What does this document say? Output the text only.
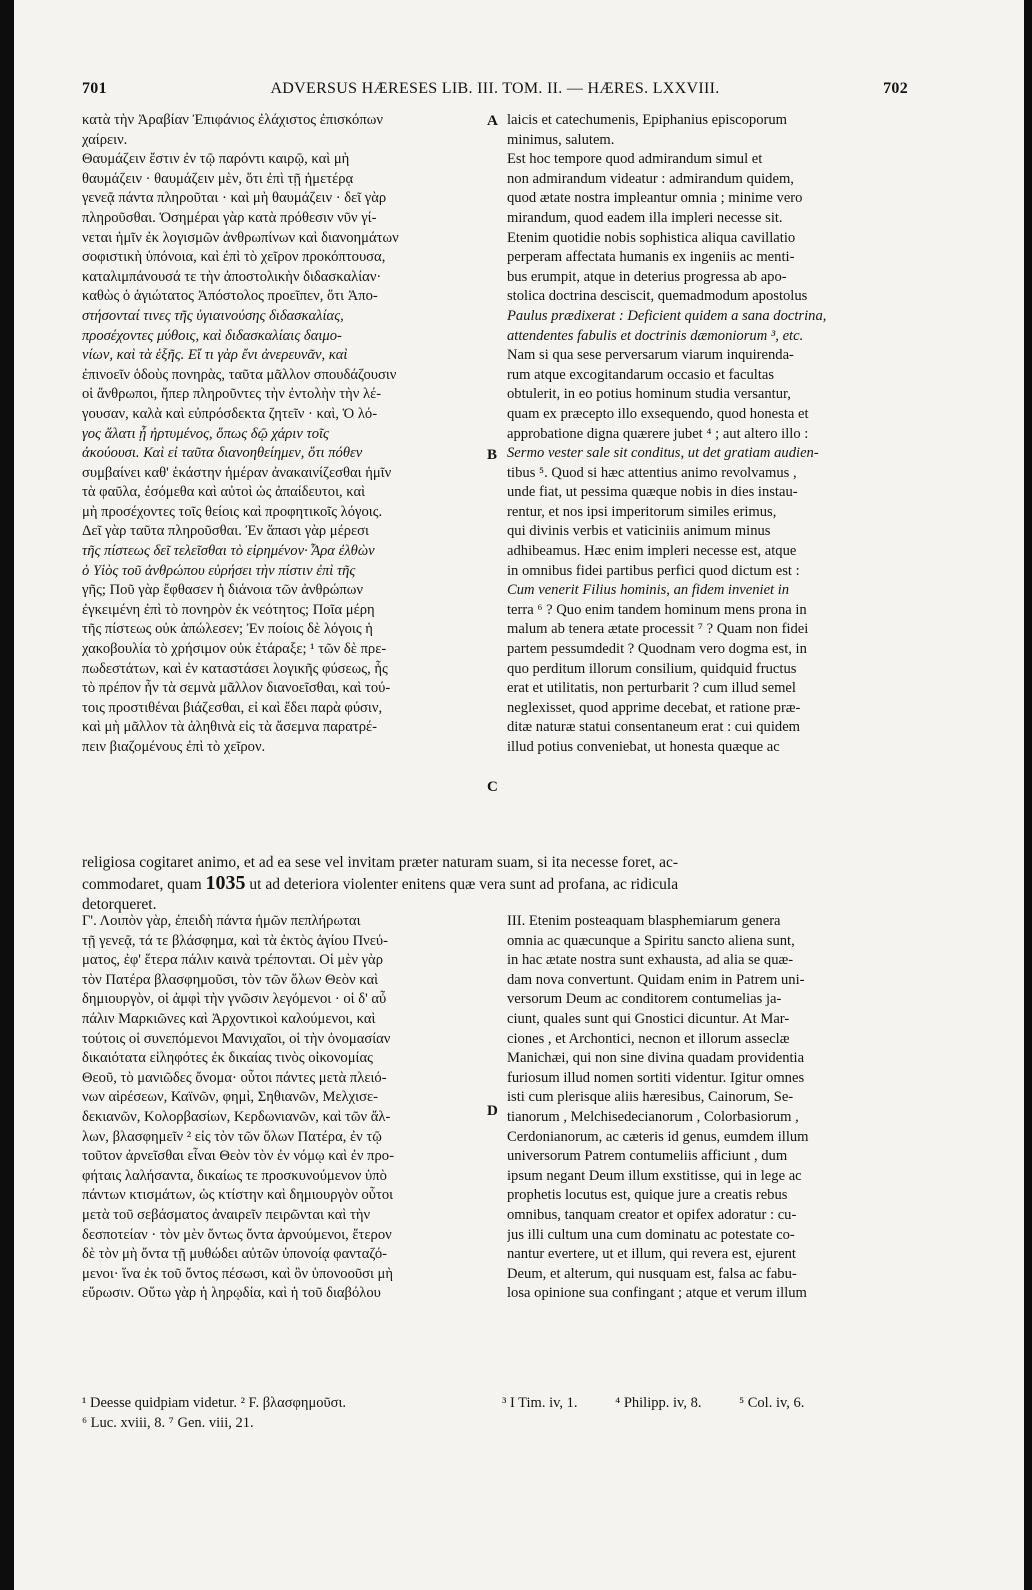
701	ADVERSUS HÆRESES LIB. III. TOM. II. — HÆRES. LXXVIII.	702
κατὰ τὴν Ἀραβίαν Ἐπιφάνιος ἐλάχιστος ἐπισκόπων
χαίρειν.
Θαυμάζειν ἔστιν ἐν τῷ παρόντι καιρῷ, καὶ μὴ
θαυμάζειν · θαυμάζειν μὲν, ὅτι ἐπὶ τῇ ἡμετέρᾳ
γενεᾷ πάντα πληροῦται · καὶ μὴ θαυμάζειν · δεῖ γὰρ
πληροῦσθαι. Ὁσημέραι γὰρ κατὰ πρόθεσιν νῦν γί-
νεται ἡμῖν ἐκ λογισμῶν ἀνθρωπίνων καὶ διανοημάτων
σοφιστικὴ ὑπόνοια, καὶ ἐπὶ τὸ χεῖρον προκόπτουσα,
καταλιμπάνουσά τε τὴν ἀποστολικὴν διδασκαλίαν·
καθὼς ὁ ἁγιώτατος Ἀπόστολος προεῖπεν, ὅτι Ἀπο-
στήσονταί τινες τῆς ὑγιαινούσης διδασκαλίας,
προσέχοντες μύθοις, καὶ διδασκαλίαις δαιμο-
νίων, καὶ τὰ ἑξῆς. Εἴ τι γὰρ ἔνι ἀνερευνᾶν, καὶ
ἐπινοεῖν ὁδοὺς πονηρὰς, ταῦτα μᾶλλον σπουδάζουσιν
οἱ ἄνθρωποι, ἤπερ πληροῦντες τὴν ἐντολὴν τὴν λέ-
γουσαν, καλὰ καὶ εὐπρόσδεκτα ζητεῖν · καὶ, Ὁ λό-
γος ἅλατι ᾖ ἠρτυμένος, ὅπως δῷ χάριν τοῖς
ἀκούουσι. Καὶ εἰ ταῦτα διανοηθείημεν, ὅτι πόθεν
συμβαίνει καθ' ἑκάστην ἡμέραν ἀνακαινίζεσθαι ἡμῖν
τὰ φαῦλα, ἐσόμεθα καὶ αὐτοὶ ὡς ἀπαίδευτοι, καὶ
μὴ προσέχοντες τοῖς θείοις καὶ προφητικοῖς λόγοις.
Δεῖ γὰρ ταῦτα πληροῦσθαι. Ἐν ἅπασι γὰρ μέρεσι
τῆς πίστεως δεῖ τελεῖσθαι τὸ εἰρημένον· Ἆρα ἐλθὼν
ὁ Υἱὸς τοῦ ἀνθρώπου εὑρήσει τὴν πίστιν ἐπὶ τῆς
γῆς; Ποῦ γὰρ ἔφθασεν ἡ διάνοια τῶν ἀνθρώπων
ἐγκειμένη ἐπὶ τὸ πονηρὸν ἐκ νεότητος; Ποῖα μέρη
τῆς πίστεως οὐκ ἀπώλεσεν; Ἐν ποίοις δὲ λόγοις ἡ
χακοβουλία τὸ χρήσιμον οὐκ ἐτάραξε; ¹ τῶν δὲ πρε-
πωδεστάτων, καὶ ἐν καταστάσει λογικῆς φύσεως, ἧς
τὸ πρέπον ἦν τὰ σεμνὰ μᾶλλον διανοεῖσθαι, καὶ τού-
τοις προστιθέναι βιάζεσθαι, εἰ καὶ ἔδει παρὰ φύσιν,
καὶ μὴ μᾶλλον τὰ ἀληθινὰ εἰς τὰ ἄσεμνα παρατρέ-
πειν βιαζομένους ἐπὶ τὸ χεῖρον.
laicis et catechumenis, Epiphanius episcoporum
minimus, salutem.
Est hoc tempore quod admirandum simul et
non admirandum videatur : admirandum quidem,
quod ætate nostra impleantur omnia ; minime vero
mirandum, quod eadem illa impleri necesse sit.
Etenim quotidie nobis sophistica aliqua cavillatio
perperam affectata humanis ex ingeniis ac menti-
bus erumpit, atque in deterius progressa ab apo-
stolica doctrina desciscit, quemadmodum apostolus
Paulus prædixerat : Deficient quidem a sana doctrina,
attendentes fabulis et doctrinis dæmoniorum ³, etc.
Nam si qua sese perversarum viarum inquirenda-
rum atque excogitandarum occasio et facultas
obtulerit, in eo potius hominum studia versantur,
quam ex præcepto illo exsequendo, quod honesta et
approbatione digna quærere jubet ⁴ ; aut altero illo :
Sermo vester sale sit conditus, ut det gratiam audien-
tibus ⁵. Quod si hæc attentius animo revolvamus ,
unde fiat, ut pessima quæque nobis in dies instau-
rentur, et nos ipsi imperitorum similes erimus,
qui divinis verbis et vaticiniis animum minus
adhibeamus. Hæc enim impleri necesse est, atque
in omnibus fidei partibus perfici quod dictum est :
Cum venerit Filius hominis, an fidem inveniet in
terra ⁶ ? Quo enim tandem hominum mens prona in
malum ab tenera ætate processit ⁷ ? Quam non fidei
partem pessumdedit ? Quodnam vero dogma est, in
quo perditum illorum consilium, quidquid fructus
erat et utilitatis, non perturbarit ? cum illud semel
neglexisset, quod apprime decebat, et ratione præ-
ditæ naturæ statui consentaneum erat : cui quidem
illud potius conveniebat, ut honesta quæque ac
A
B
C
D
religiosa cogitaret animo, et ad ea sese vel invitam præter naturam suam, si ita necesse foret, ac-
commodaret, quam 1035 ut ad deteriora violenter enitens quæ vera sunt ad profana, ac ridicula
detorqueret.
Γ'. Λοιπὸν γὰρ, ἐπειδὴ πάντα ἡμῶν πεπλήρωται
τῇ γενεᾷ, τά τε βλάσφημα, καὶ τὰ ἐκτὸς ἁγίου Πνεύ-
ματος, ἐφ' ἕτερα πάλιν καινὰ τρέπονται. Οἱ μὲν γὰρ
τὸν Πατέρα βλασφημοῦσι, τὸν τῶν ὅλων Θεὸν καὶ
δημιουργὸν, οἱ ἀμφὶ τὴν γνῶσιν λεγόμενοι · οἱ δ' αὖ
πάλιν Μαρκιῶνες καὶ Ἀρχοντικοὶ καλούμενοι, καὶ
τούτοις οἱ συνεπόμενοι Μανιχαῖοι, οἱ τὴν ὀνομασίαν
δικαιότατα εἰληφότες ἐκ δικαίας τινὸς οἰκονομίας
Θεοῦ, τὸ μανιῶδες ὄνομα· οὗτοι πάντες μετὰ πλειό-
νων αἱρέσεων, Καϊνῶν, φημὶ, Σηθιανῶν, Μελχισε-
δεκιανῶν, Κολορβασίων, Κερδωνιανῶν, καὶ τῶν ἄλ-
λων, βλασφημεῖν ² εἰς τὸν τῶν ὅλων Πατέρα, ἐν τῷ
τοῦτον ἀρνεῖσθαι εἶναι Θεὸν τὸν ἐν νόμῳ καὶ ἐν προ-
φήταις λαλήσαντα, δικαίως τε προσκυνούμενον ὑπὸ
πάντων κτισμάτων, ὡς κτίστην καὶ δημιουργὸν οὗτοι
μετὰ τοῦ σεβάσματος ἀναιρεῖν πειρῶνται καὶ τὴν
δεσποτείαν · τὸν μὲν ὄντως ὄντα ἀρνούμενοι, ἕτερον
δὲ τὸν μὴ ὄντα τῇ μυθώδει αὐτῶν ὑπονοίᾳ φανταζό-
μενοι· ἵνα ἐκ τοῦ ὄντος πέσωσι, καὶ ὃν ὑπονοοῦσι μὴ
εὕρωσιν. Οὕτω γὰρ ἡ ληρῳδία, καὶ ἡ τοῦ διαβόλου
III. Etenim posteaquam blasphemiarum genera
omnia ac quæcunque a Spiritu sancto aliena sunt,
in hac ætate nostra sunt exhausta, ad alia se quæ-
dam nova convertunt. Quidam enim in Patrem uni-
versorum Deum ac conditorem contumelias ja-
ciunt, quales sunt qui Gnostici dicuntur. At Mar-
ciones , et Archontici, necnon et illorum asseclæ
Manichæi, qui non sine divina quadam providentia
furiosum illud nomen sortiti videntur. Igitur omnes
isti cum plerisque aliis hæresibus, Cainorum, Se-
tianorum , Melchisedecianorum , Colorbasiorum ,
Cerdonianorum, ac cæteris id genus, eumdem illum
universorum Patrem contumeliis afficiunt , dum
ipsum negant Deum illum exstitisse, qui in lege ac
prophetis locutus est, quique jure a creatis rebus
omnibus, tanquam creator et opifex adoratur : cu-
jus illi cultum una cum dominatu ac potestate co-
nantur evertere, ut et illum, qui revera est, ejurent
Deum, et alterum, qui nusquam est, falsa ac fabu-
losa opinione sua confingant ; atque et verum illum
¹ Deesse quidpiam videtur. ² F. βλασφημοῦσι.	³ I Tim. iv, 1.	⁴ Philipp. iv, 8.	⁵ Col. iv, 6.
⁶ Luc. xviii, 8. ⁷ Gen. viii, 21.
